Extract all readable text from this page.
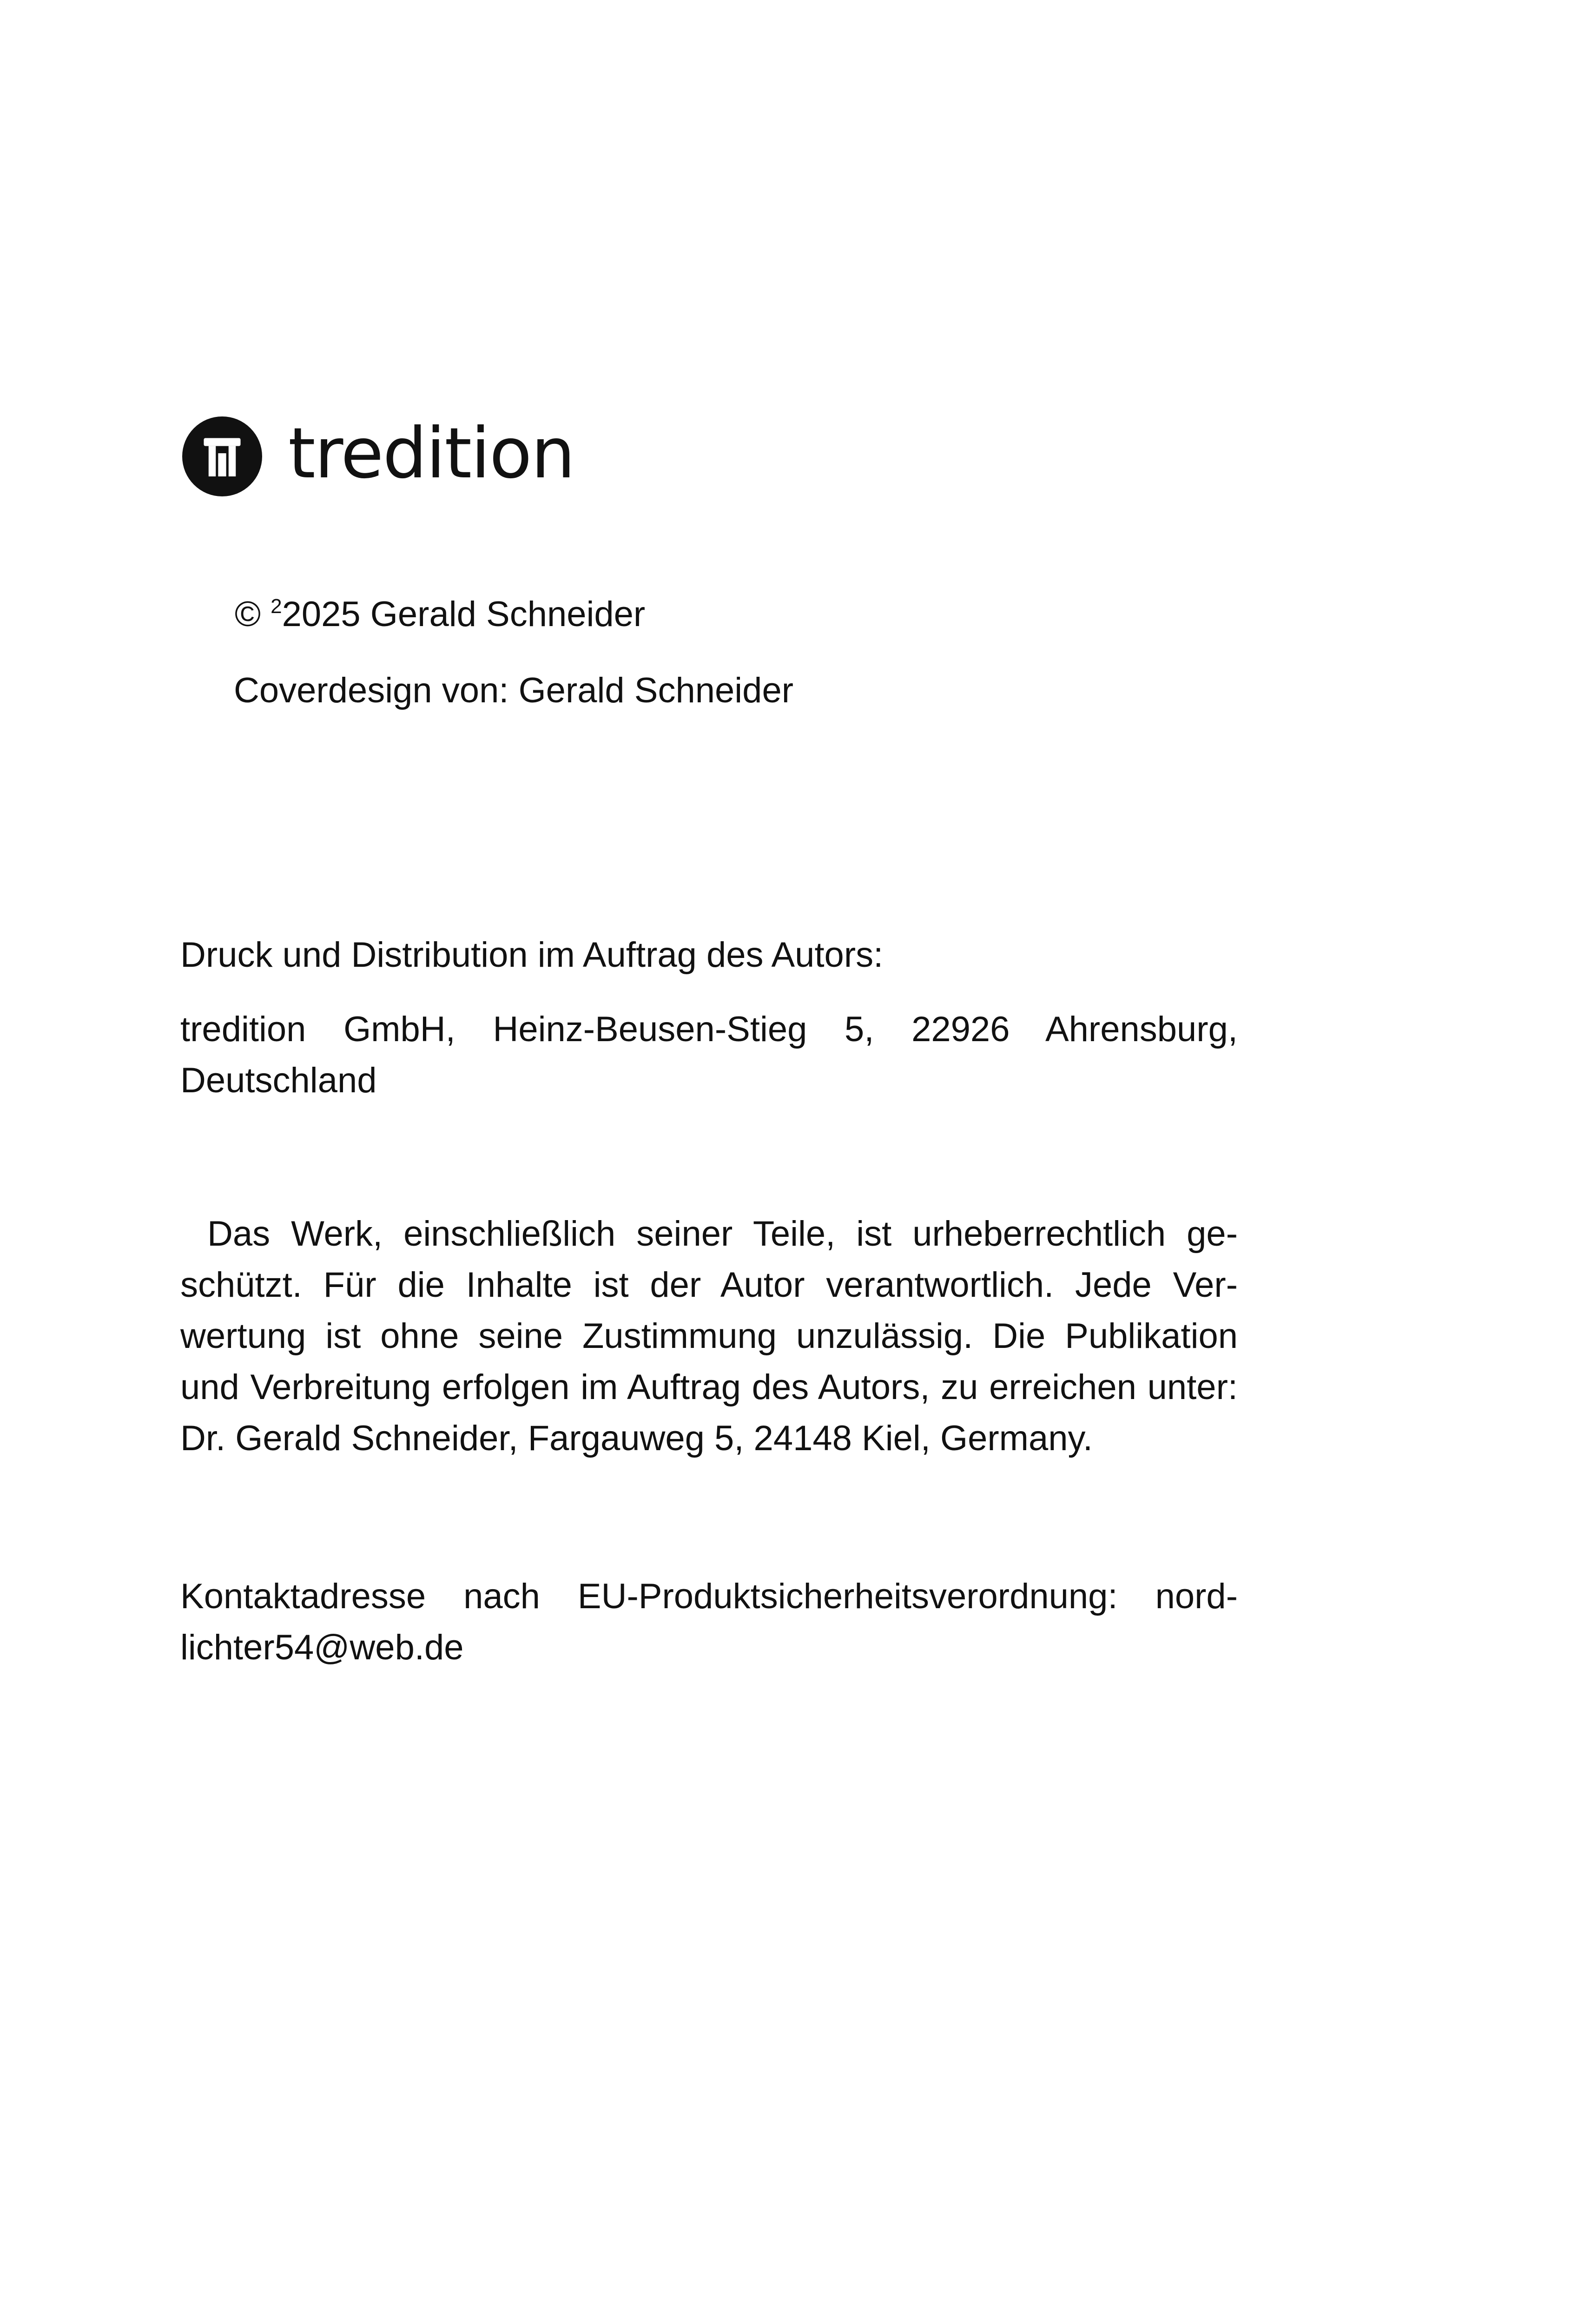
tredition
© $^2$2025 Gerald Schneider
Coverdesign von: Gerald Schneider
Druck und Distribution im Auftrag des Autors:
tredition GmbH, Heinz-Beusen-Stieg 5, 22926 Ahrensburg, Deutschland
Das Werk, einschließlich seiner Teile, ist urheberrechtlich geschützt. Für die Inhalte ist der Autor verantwortlich. Jede Verwertung ist ohne seine Zustimmung unzulässig. Die Publikation und Verbreitung erfolgen im Auftrag des Autors, zu erreichen unter: Dr. Gerald Schneider, Fargauweg 5, 24148 Kiel, Germany.
Kontaktadresse nach EU-Produktsicherheitsverordnung: nordlichter54@web.de
